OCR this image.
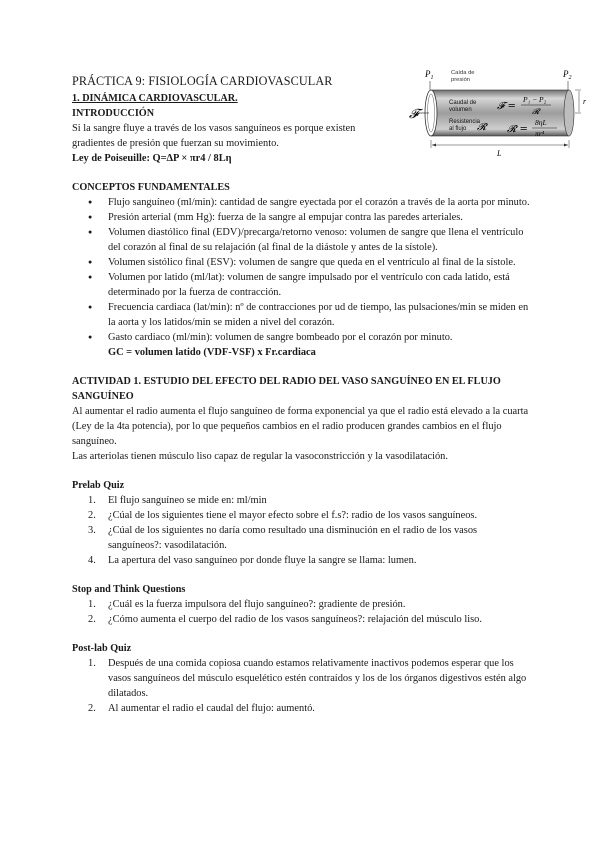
$P_1$	$P_2$
Caída de presión
𝓕
Caudal de volumen
Resistencia al flujo	𝓡
𝓕 =
P₁ − P₂
𝓡
𝓡 =
8ηL
πr⁴
r
L
PRÁCTICA 9: FISIOLOGÍA CARDIOVASCULAR
1. DINÁMICA CARDIOVASCULAR.
INTRODUCCIÓN

Si la sangre fluye a través de los vasos sanguíneos es porque existen gradientes de presión que fuerzan su movimiento.

Ley de Poiseuille: Q=ΔP × πr4 / 8Lη

CONCEPTOS FUNDAMENTALES
● Flujo sanguíneo (ml/min): cantidad de sangre eyectada por el corazón a través de la aorta por minuto.
● Presión arterial (mm Hg): fuerza de la sangre al empujar contra las paredes arteriales.
● Volumen diastólico final (EDV)/precarga/retorno venoso: volumen de sangre que llena el ventrículo del corazón al final de su relajación (al final de la diástole y antes de la sístole).
● Volumen sistólico final (ESV): volumen de sangre que queda en el ventrículo al final de la sístole.
● Volumen por latido (ml/lat): volumen de sangre impulsado por el ventrículo con cada latido, está determinado por la fuerza de contracción.
● Frecuencia cardiaca (lat/min): nº de contracciones por ud de tiempo, las pulsaciones/min se miden en la aorta y los latidos/min se miden a nivel del corazón.
● Gasto cardiaco (ml/min): volumen de sangre bombeado por el corazón por minuto.
GC = volumen latido (VDF-VSF) x Fr.cardiaca
ACTIVIDAD 1. ESTUDIO DEL EFECTO DEL RADIO DEL VASO SANGUÍNEO EN EL FLUJO SANGUÍNEO

Al aumentar el radio aumenta el flujo sanguíneo de forma exponencial ya que el radio está elevado a la cuarta (Ley de la 4ta potencia), por lo que pequeños cambios en el radio producen grandes cambios en el flujo sanguíneo.

Las arteriolas tienen músculo liso capaz de regular la vasoconstricción y la vasodilatación.

Prelab Quiz
1. El flujo sanguíneo se mide en: ml/min
2. ¿Cúal de los siguientes tiene el mayor efecto sobre el f.s?: radio de los vasos sanguíneos.
3. ¿Cúal de los siguientes no daría como resultado una disminución en el radio de los vasos sanguíneos?: vasodilatación.
4. La apertura del vaso sanguíneo por donde fluye la sangre se llama: lumen.
Stop and Think Questions
1. ¿Cuál es la fuerza impulsora del flujo sanguíneo?: gradiente de presión.
2. ¿Cómo aumenta el cuerpo del radio de los vasos sanguíneos?: relajación del músculo liso.
Post-lab Quiz
1. Después de una comida copiosa cuando estamos relativamente inactivos podemos esperar que los vasos sanguíneos del músculo esquelético estén contraídos y los de los órganos digestivos estén algo dilatados.
2. Al aumentar el radio el caudal del flujo: aumentó.
